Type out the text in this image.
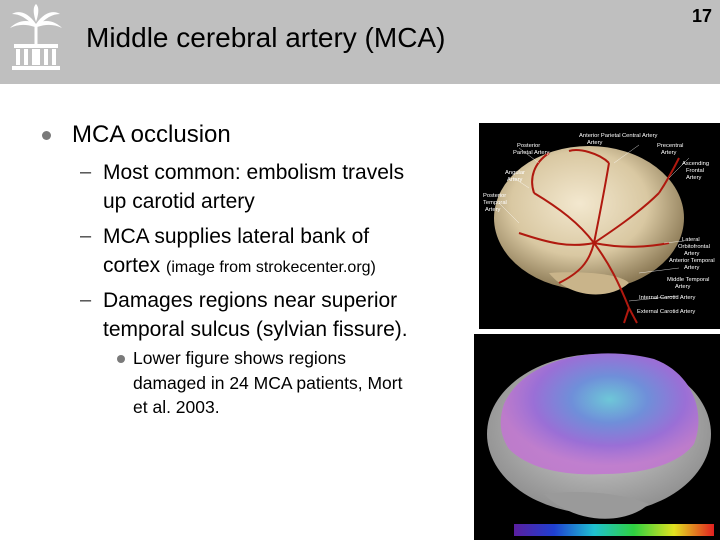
Middle cerebral artery (MCA)
17
MCA occlusion
– Most common: embolism travels
up carotid artery
– MCA supplies lateral bank of
cortex (image from strokecenter.org)
– Damages regions near superior
temporal sulcus (sylvian fissure).
Lower figure shows regions
damaged in 24 MCA patients, Mort
et al. 2003.
Anterior Parietal
Artery
Central Artery
Posterior
Parietal Artery
Precentral
Artery
Ascending
Frontal
Artery
Angular
Artery
Posterior
Temporal
Artery
Lateral
Orbitofrontal
Artery
Anterior Temporal
Artery
Middle Temporal
Artery
Internal Carotid Artery
External Carotid Artery
